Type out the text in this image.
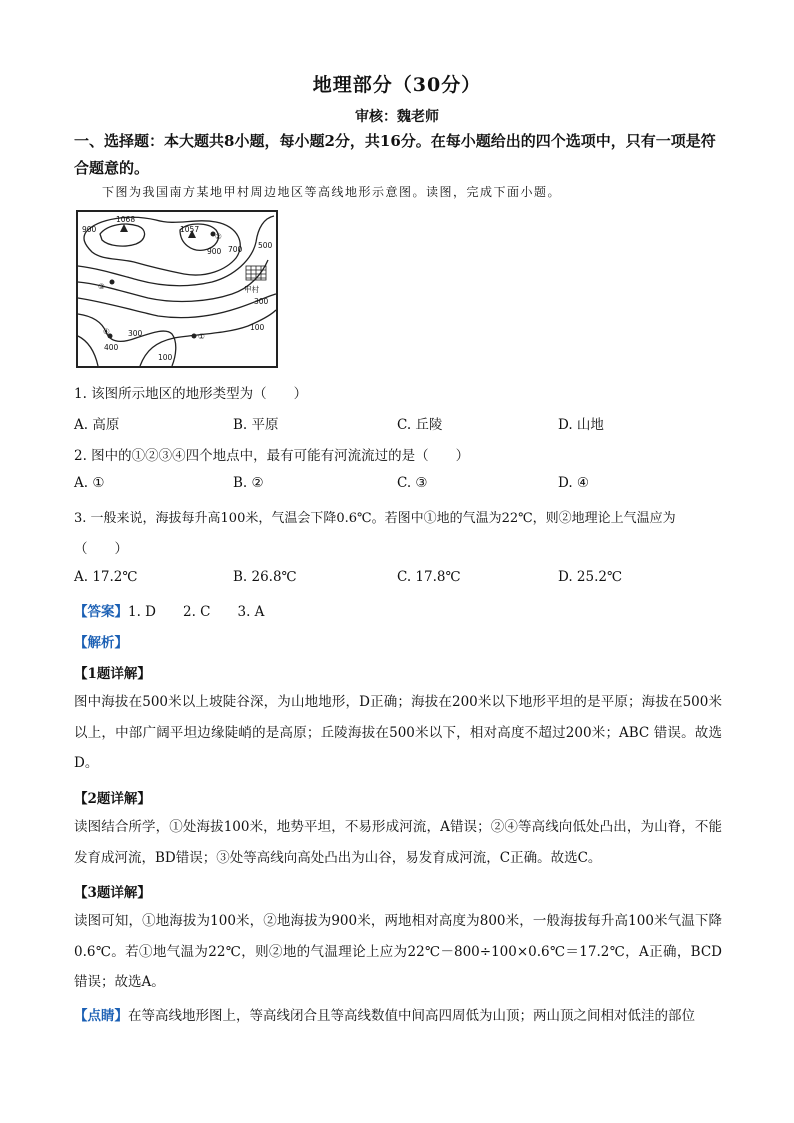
地理部分（30分）
审核：魏老师
一、选择题：本大题共8小题，每小题2分，共16分。在每小题给出的四个选项中，只有一项是符合题意的。
下图为我国南方某地甲村周边地区等高线地形示意图。读图，完成下面小题。
1068
1057
900
900 700 500
300
300
100
100
400
甲村
②
③
④
①
1. 该图所示地区的地形类型为（　　）
A. 高原	B. 平原	C. 丘陵	D. 山地
2. 图中的①②③④四个地点中，最有可能有河流流过的是（　　）
A. ①	B. ②	C. ③	D. ④
3. 一般来说，海拔每升高100米，气温会下降0.6℃。若图中①地的气温为22℃，则②地理论上气温应为
（　　）
A. 17.2℃	B. 26.8℃	C. 17.8℃	D. 25.2℃
【答案】1. D　　2. C　　3. A
【解析】
【1题详解】
图中海拔在500米以上坡陡谷深，为山地地形，D正确；海拔在200米以下地形平坦的是平原；海拔在500米以上，中部广阔平坦边缘陡峭的是高原；丘陵海拔在500米以下，相对高度不超过200米；ABC 错误。故选D。
【2题详解】
读图结合所学，①处海拔100米，地势平坦，不易形成河流，A错误；②④等高线向低处凸出，为山脊，不能发育成河流，BD错误；③处等高线向高处凸出为山谷，易发育成河流，C正确。故选C。
【3题详解】
读图可知，①地海拔为100米，②地海拔为900米，两地相对高度为800米，一般海拔每升高100米气温下降0.6℃。若①地气温为22℃，则②地的气温理论上应为22℃－800÷100×0.6℃＝17.2℃，A正确，BCD错误；故选A。
【点睛】在等高线地形图上，等高线闭合且等高线数值中间高四周低为山顶；两山顶之间相对低洼的部位
